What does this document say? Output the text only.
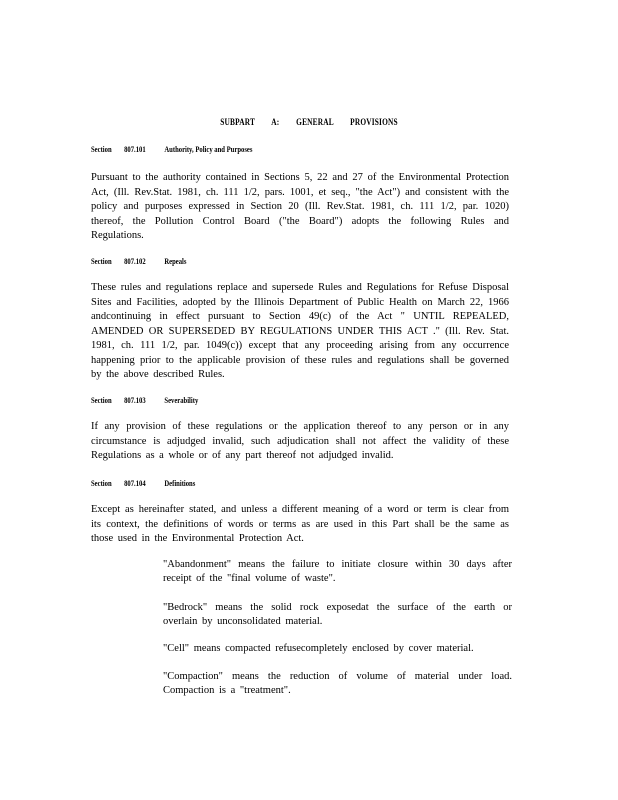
SUBPART A: GENERAL PROVISIONS
Section 807.101 Authority, Policy and Purposes
Pursuant to the authority contained in Sections 5, 22 and 27 of the Environmental Protection Act, (Ill. Rev.Stat. 1981, ch. 111 1/2, pars. 1001, et seq., "the Act") and consistent with the policy and purposes expressed in Section 20 (Ill. Rev.Stat. 1981, ch. 111 1/2, par. 1020) thereof, the Pollution Control Board ("the Board") adopts the following Rules and Regulations.
Section 807.102 Repeals
These rules and regulations replace and supersede Rules and Regulations for Refuse Disposal Sites and Facilities, adopted by the Illinois Department of Public Health on March 22, 1966 andcontinuing in effect pursuant to Section 49(c) of the Act " UNTIL REPEALED, AMENDED OR SUPERSEDED BY REGULATIONS UNDER THIS ACT ." (Ill. Rev. Stat. 1981, ch. 111 1/2, par. 1049(c)) except that any proceeding arising from any occurrence happening prior to the applicable provision of these rules and regulations shall be governed by the above described Rules.
Section 807.103 Severability
If any provision of these regulations or the application thereof to any person or in any circumstance is adjudged invalid, such adjudication shall not affect the validity of these Regulations as a whole or of any part thereof not adjudged invalid.
Section 807.104 Definitions
Except as hereinafter stated, and unless a different meaning of a word or term is clear from its context, the definitions of words or terms as are used in this Part shall be the same as those used in the Environmental Protection Act.
"Abandonment" means the failure to initiate closure within 30 days after receipt of the "final volume of waste".
"Bedrock" means the solid rock exposedat the surface of the earth or overlain by unconsolidated material.
"Cell" means compacted refusecompletely enclosed by cover material.
"Compaction" means the reduction of volume of material under load. Compaction is a "treatment".
